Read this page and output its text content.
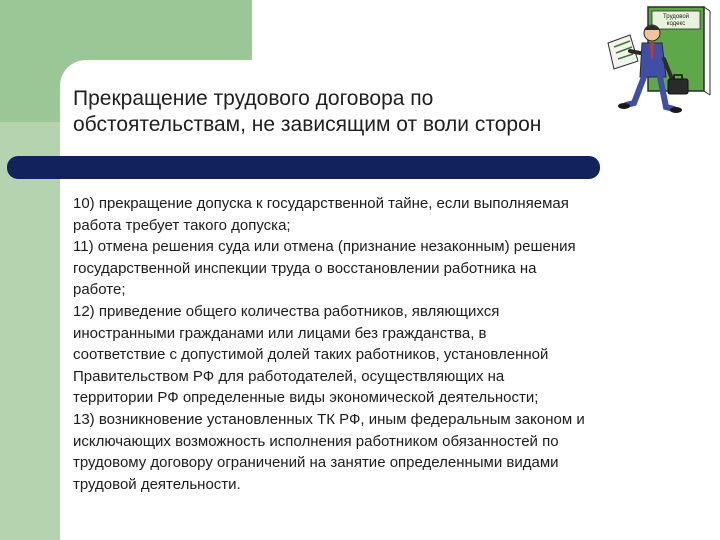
Прекращение трудового договора по
обстоятельствам, не зависящим от воли сторон
10) прекращение допуска к государственной тайне, если выполняемая
работа требует такого допуска;
11) отмена решения суда или отмена (признание незаконным) решения
государственной инспекции труда о восстановлении работника на
работе;
12) приведение общего количества работников, являющихся
иностранными гражданами или лицами без гражданства, в
соответствие с допустимой долей таких работников, установленной
Правительством РФ для работодателей, осуществляющих на
территории РФ определенные виды экономической деятельности;
13) возникновение установленных ТК РФ, иным федеральным законом и
исключающих возможность исполнения работником обязанностей по
трудовому договору ограничений на занятие определенными видами
трудовой деятельности.
Трудовой
кодекс
